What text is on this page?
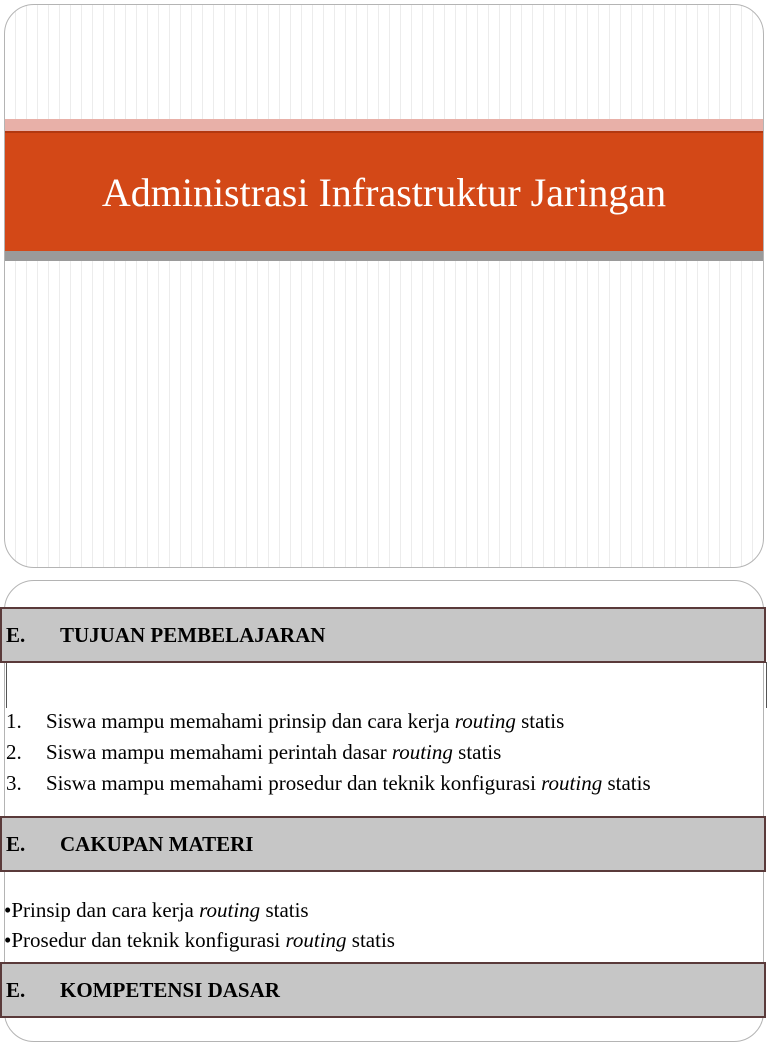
Administrasi Infrastruktur Jaringan
E.	TUJUAN PEMBELAJARAN
1. Siswa mampu memahami prinsip dan cara kerja routing statis
2. Siswa mampu memahami perintah dasar routing statis
3. Siswa mampu memahami prosedur dan teknik konfigurasi routing statis
E.	CAKUPAN MATERI
•Prinsip dan cara kerja routing statis
•Prosedur dan teknik konfigurasi routing statis
E.	KOMPETENSI DASAR
